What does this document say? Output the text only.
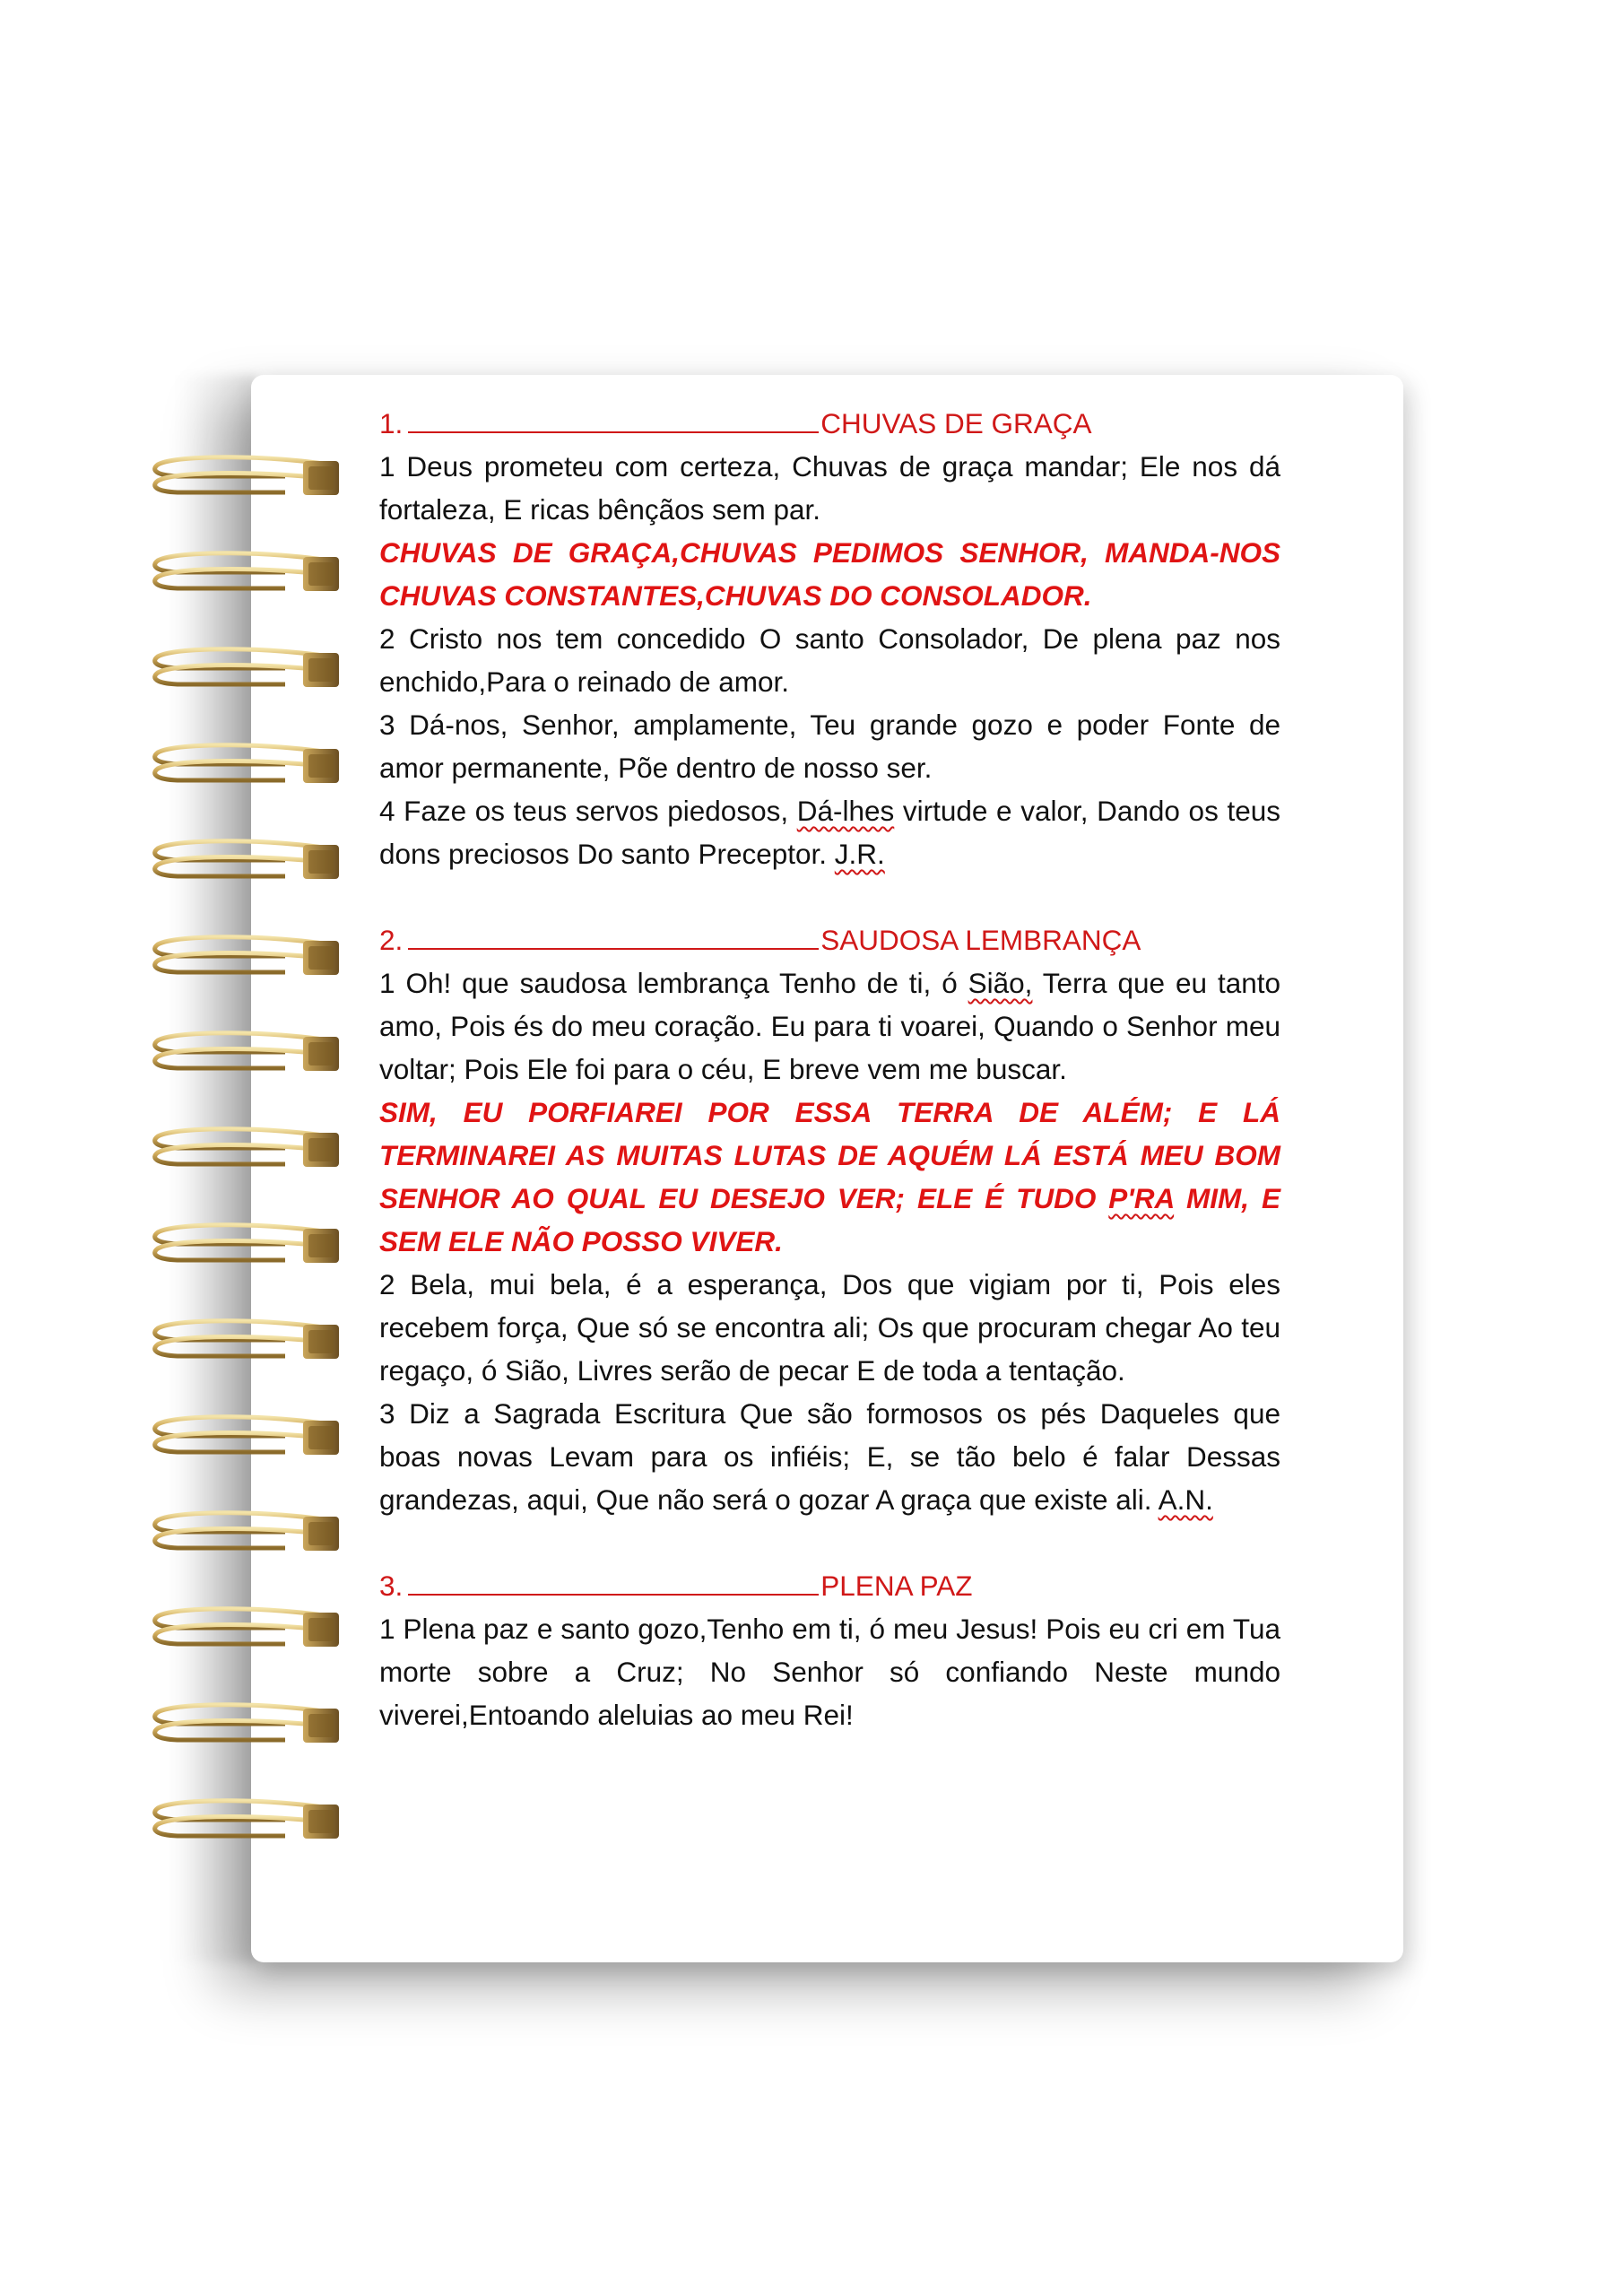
1.	CHUVAS DE GRAÇA

1 Deus prometeu com certeza, Chuvas de graça mandar; Ele nos dá fortaleza, E ricas bênçãos sem par.

CHUVAS DE GRAÇA,CHUVAS PEDIMOS SENHOR, MANDA-NOS CHUVAS CONSTANTES,CHUVAS DO CONSOLADOR.

2 Cristo nos tem concedido O santo Consolador, De plena paz nos enchido,Para o reinado de amor.

3 Dá-nos, Senhor, amplamente, Teu grande gozo e poder Fonte de amor permanente, Põe dentro de nosso ser.

4 Faze os teus servos piedosos, Dá-lhes virtude e valor, Dando os teus dons preciosos Do santo Preceptor. J.R.

2.	SAUDOSA LEMBRANÇA

1 Oh! que saudosa lembrança Tenho de ti, ó Sião, Terra que eu tanto amo, Pois és do meu coração. Eu para ti voarei, Quando o Senhor meu voltar; Pois Ele foi para o céu, E breve vem me buscar.

SIM, EU PORFIAREI POR ESSA TERRA DE ALÉM; E LÁ TERMINAREI AS MUITAS LUTAS DE AQUÉM LÁ ESTÁ MEU BOM SENHOR AO QUAL EU DESEJO VER; ELE É TUDO P'RA MIM, E SEM ELE NÃO POSSO VIVER.

2 Bela, mui bela, é a esperança, Dos que vigiam por ti, Pois eles recebem força, Que só se encontra ali; Os que procuram chegar Ao teu regaço, ó Sião, Livres serão de pecar E de toda a tentação.

3 Diz a Sagrada Escritura Que são formosos os pés Daqueles que boas novas Levam para os infiéis; E, se tão belo é falar Dessas grandezas, aqui, Que não será o gozar A graça que existe ali. A.N.

3.	PLENA PAZ

1 Plena paz e santo gozo,Tenho em ti, ó meu Jesus! Pois eu cri em Tua morte sobre a Cruz; No Senhor só confiando Neste mundo viverei,Entoando aleluias ao meu Rei!
